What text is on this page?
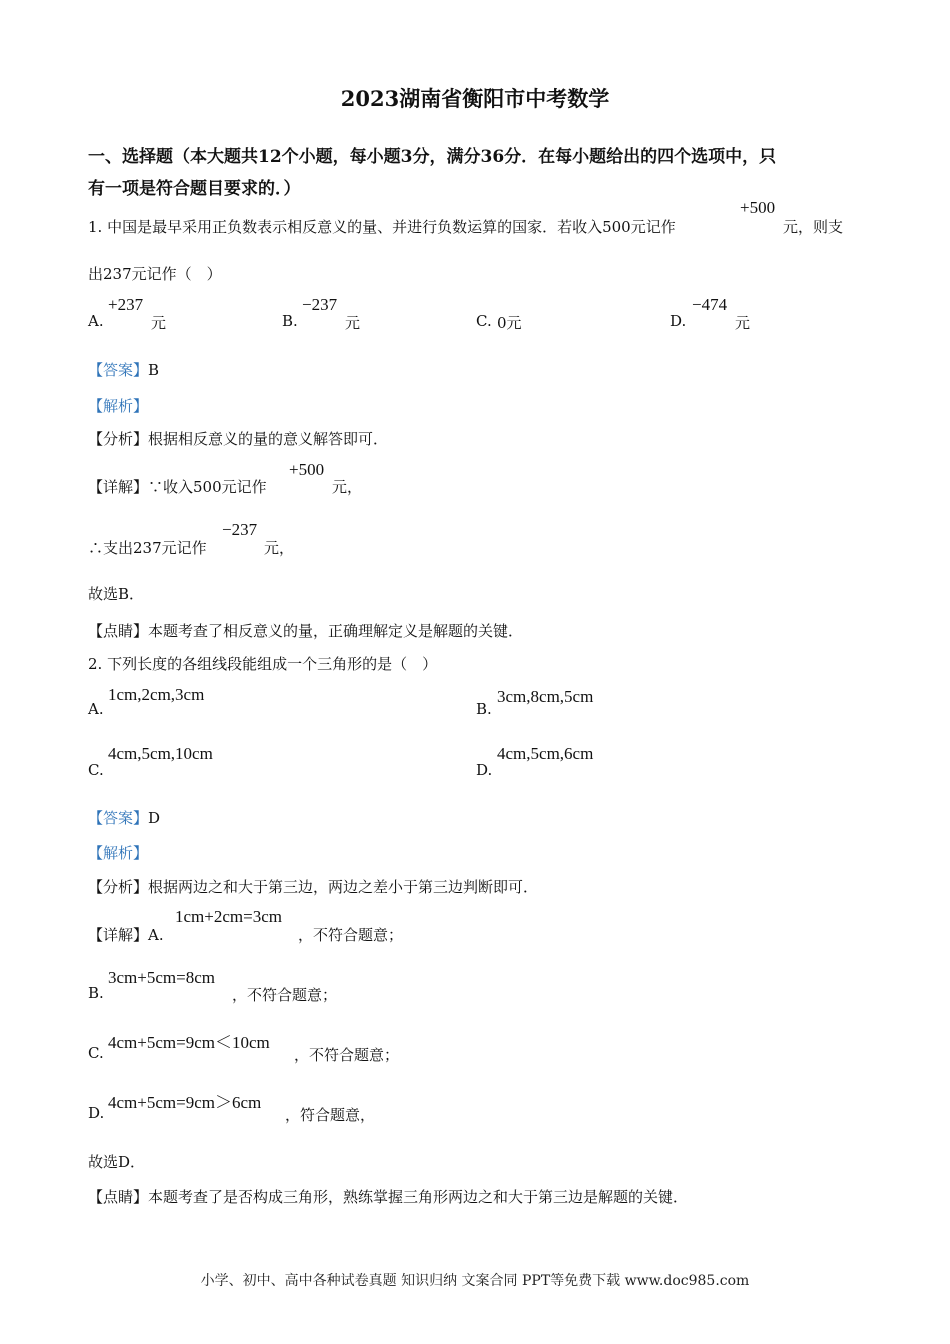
2023湖南省衡阳市中考数学
一、选择题（本大题共12个小题，每小题3分，满分36分．在每小题给出的四个选项中，只
有一项是符合题目要求的．）
1. 中国是最早采用正负数表示相反意义的量、并进行负数运算的国家．若收入500元记作
+500
元，则支
出237元记作（　）
A.
+237
元	B.
−237
元	C. 0元	D.
−474
元
【答案】B
【解析】
【分析】根据相反意义的量的意义解答即可．
【详解】∵收入500元记作
+500
元，
∴支出237元记作
−237
元，
故选B．
【点睛】本题考查了相反意义的量，正确理解定义是解题的关键．
2. 下列长度的各组线段能组成一个三角形的是（　）
A.
1cm,2cm,3cm
B.
3cm,8cm,5cm
C.
4cm,5cm,10cm
D.
4cm,5cm,6cm
【答案】D
【解析】
【分析】根据两边之和大于第三边，两边之差小于第三边判断即可．
【详解】A.
1cm+2cm=3cm
，不符合题意；
B.
3cm+5cm=8cm
，不符合题意；
C.
4cm+5cm=9cm＜10cm
，不符合题意；
D.
4cm+5cm=9cm＞6cm
，符合题意，
故选D．
【点睛】本题考查了是否构成三角形，熟练掌握三角形两边之和大于第三边是解题的关键．
小学、初中、高中各种试卷真题 知识归纳 文案合同 PPT等免费下载 www.doc985.com
